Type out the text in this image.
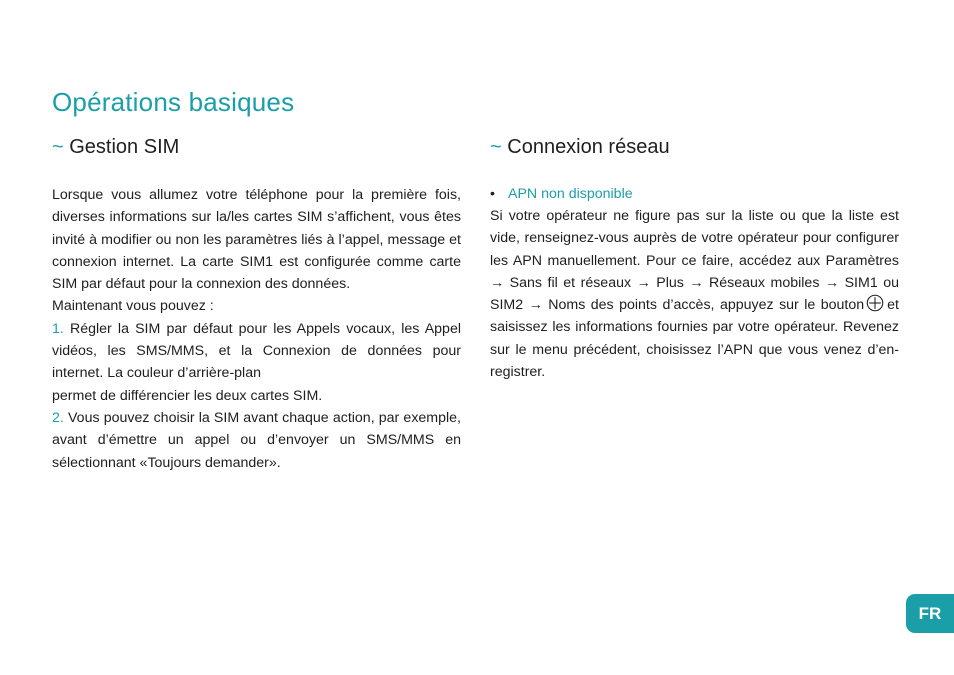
Opérations basiques
~ Gestion SIM

Lorsque vous allumez votre téléphone pour la première fois, diverses informations sur la/les cartes SIM s’affichent, vous êtes invité à modifier ou non les paramètres liés à l’appel, message et connexion internet. La carte SIM1 est configurée comme carte SIM par défaut pour la connexion des données.

Maintenant vous pouvez :

1. Régler la SIM par défaut pour les Appels vocaux, les Appel vidéos, les SMS/MMS, et la Connexion de données pour internet. La couleur d’arrière-plan

permet de différencier les deux cartes SIM.

2. Vous pouvez choisir la SIM avant chaque action, par exemple, avant d’émettre un appel ou d’envoyer un SMS/MMS en sélectionnant «Toujours demander».

~ Connexion réseau

• APN non disponible

Si votre opérateur ne figure pas sur la liste ou que la liste est vide, renseignez-vous auprès de votre opérateur pour configurer les APN manuellement. Pour ce faire, accédez aux Paramètres → Sans fil et réseaux → Plus → Réseaux mobiles → SIM1 ou SIM2 → Noms des points d’accès, appuyez sur le bouton et saisissez les informations fournies par votre opérateur. Revenez sur le menu précédent, choisissez l’APN que vous venez d’en-registrer.

FR
